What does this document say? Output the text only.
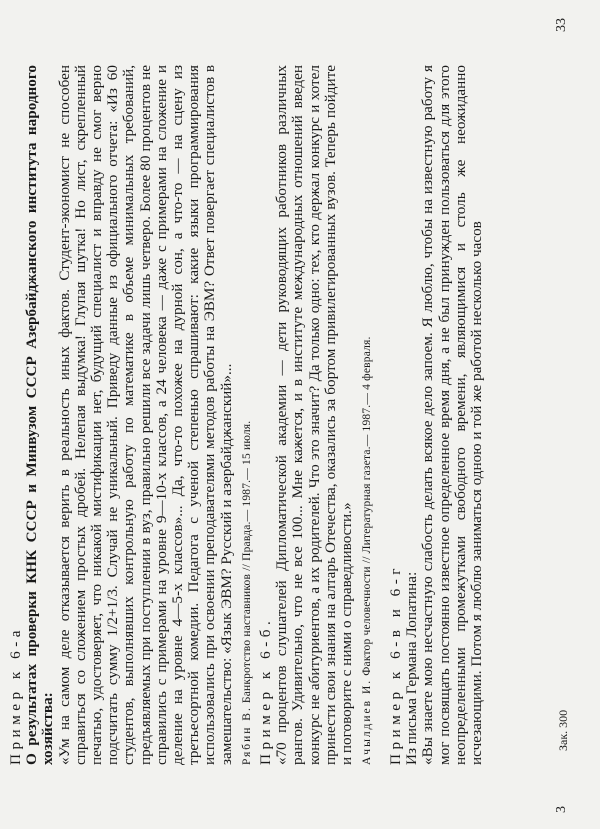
Пример к 6-а О результатах проверки КНК СССР и Минвузом СССР Азербайджанского института народного хозяйства: «Ум на самом деле отказывается верить в реальность иных фактов. Студент-экономист не способен справиться со сложением простых дробей. Нелепая выдумка! Глупая шутка! Но лист, скрепленный печатью, удостоверяет, что никакой мистификации нет, будущий специалист и вправду не смог верно подсчитать сумму 1/2+1/3. Случай не уникальный. Приведу данные из официального отчета: «Из 60 студентов, выполнявших контрольную работу по математике в объеме минимальных требований, предъявляемых при поступлении в вуз, правильно решили все задачи лишь четверо. Более 80 процентов не справились с примерами на уровне 9—10-х классов, а 24 человека — даже с примерами на сложение и деление на уровне 4—5-х классов»... Да, что-то похожее на дурной сон, а что-то — на сцену из третьесортной комедии. Педагога с ученой степенью спрашивают: какие языки программирования использовались при освоении преподавателями методов работы на ЭВМ? Ответ повергает специалистов в замешательство: «Язык ЭВМ? Русский и азербайджанский»... Рябин В. Банкротство наставников // Правда.— 1987.— 15 июля. Пример к 6-б. «70 процентов слушателей Дипломатической академии — дети руководящих работников различных рангов. Удивительно, что не все 100... Мне кажется, и в институте международных отношений введен конкурс не абитуриентов, а их родителей. Что это значит? Да только одно: тех, кто держал конкурс и хотел принести свои знания на алтарь Отечества, оказались за бортом привилегированных вузов. Теперь пойдите и поговорите с ними о справедливости.» Ачылдиев И. Фактор человечности // Литературная газета.— 1987.— 4 февраля. Пример к 6-в и 6-г Из письма Германа Лопатина: «Вы знаете мою несчастную слабость делать всякое дело запоем. Я люблю, чтобы на известную работу я мог посвящать постоянно известное определенное время дня, а не был принужден пользоваться для этого неопределенными промежутками свободного времени, являющимися и столь же неожиданно исчезающими. Потом я люблю заниматься одною и той же работой несколько часов

3
Зак. 300
33
